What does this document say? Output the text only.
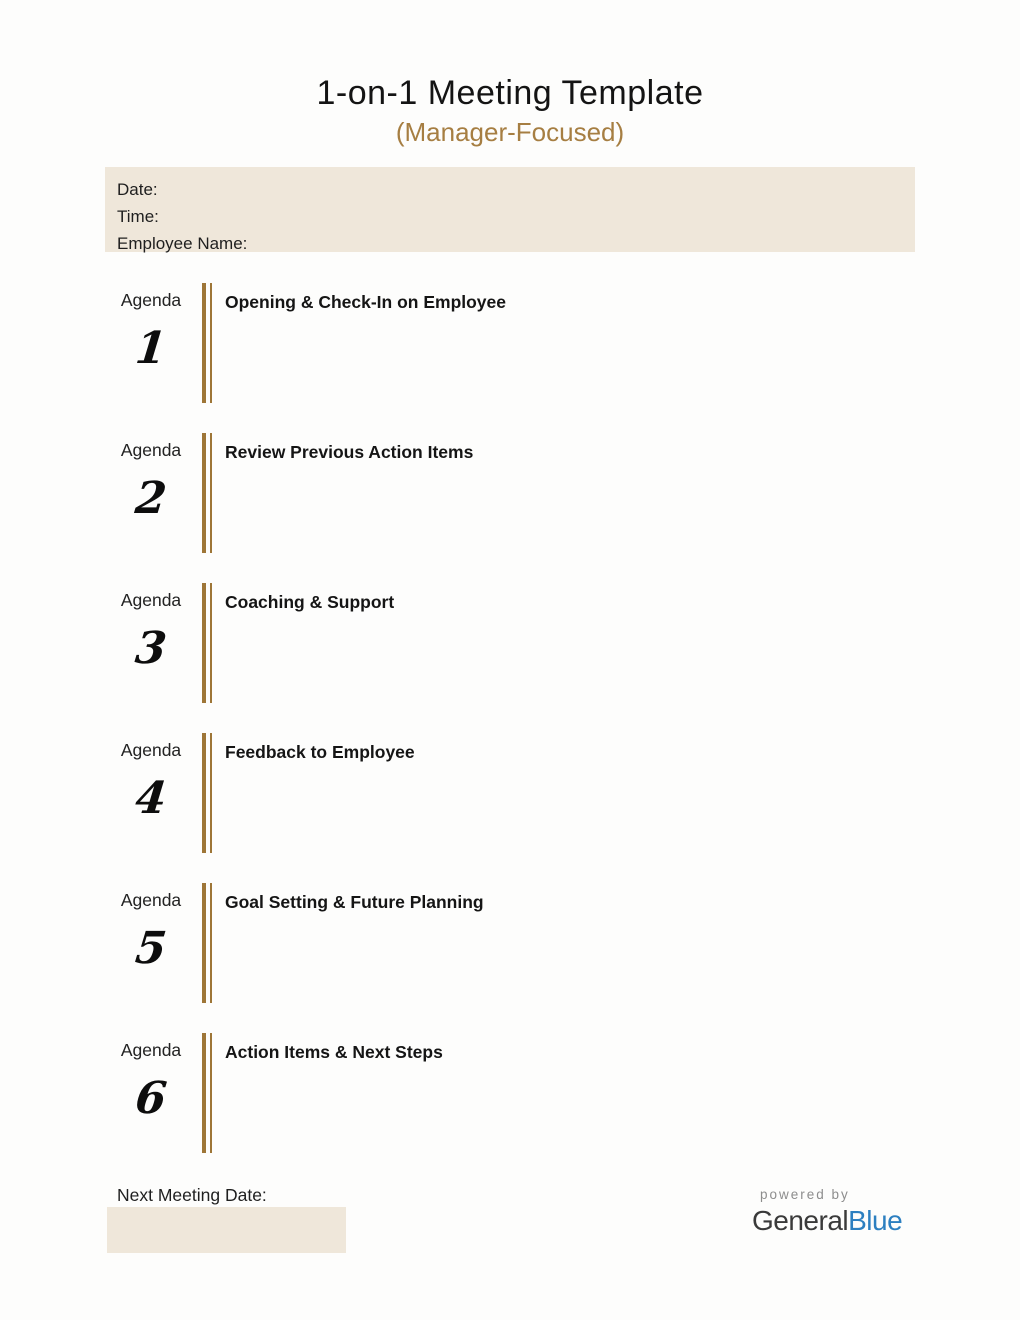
1-on-1 Meeting Template
(Manager-Focused)
Date:
Time:
Employee Name:
Agenda
1
Opening & Check-In on Employee
Agenda
2
Review Previous Action Items
Agenda
3
Coaching & Support
Agenda
4
Feedback to Employee
Agenda
5
Goal Setting & Future Planning
Agenda
6
Action Items & Next Steps
Next Meeting Date:	powered by
GeneralBlue
